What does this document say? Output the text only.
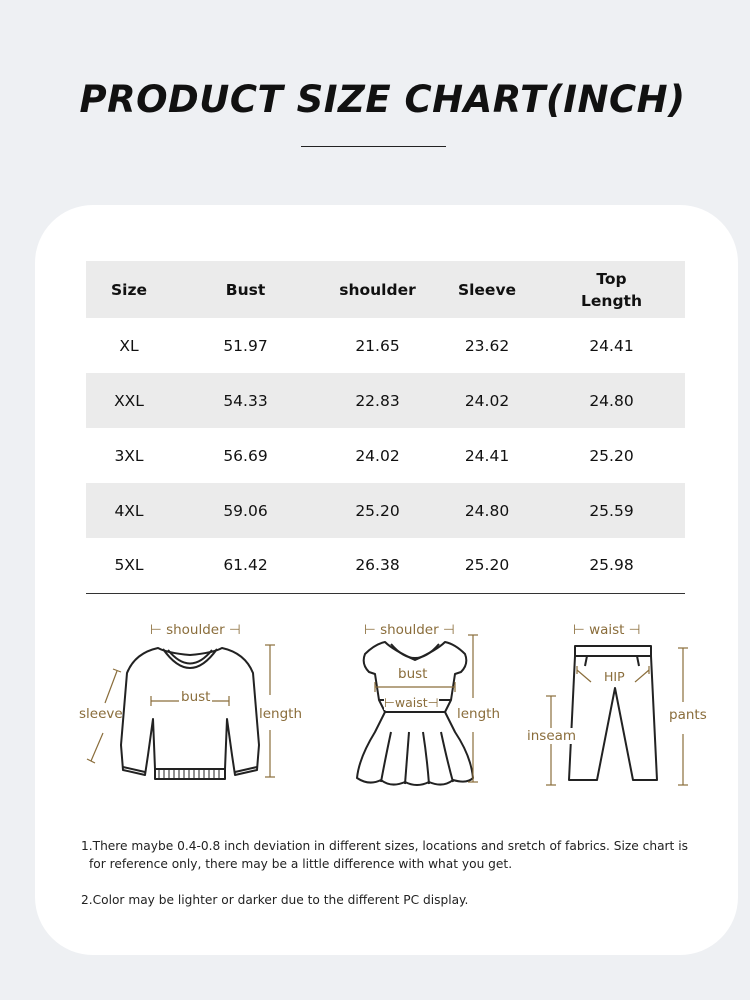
PRODUCT SIZE CHART(INCH)
Size	Bust	shoulder	Sleeve	Top Length
XL	51.97	21.65	23.62	24.41
XXL	54.33	22.83	24.02	24.80
3XL	56.69	24.02	24.41	25.20
4XL	59.06	25.20	24.80	25.59
5XL	61.42	26.38	25.20	25.98
⊢ shoulder ⊣
bust
sleeve	length
⊢ shoulder ⊣
bust
⊢waist⊣
length
⊢ waist ⊣
HIP
inseam
pants
1.There maybe 0.4-0.8 inch deviation in different sizes, locations and sretch of fabrics. Size chart is
for reference only, there may be a little difference with what you get.
2.Color may be lighter or darker due to the different PC display.
